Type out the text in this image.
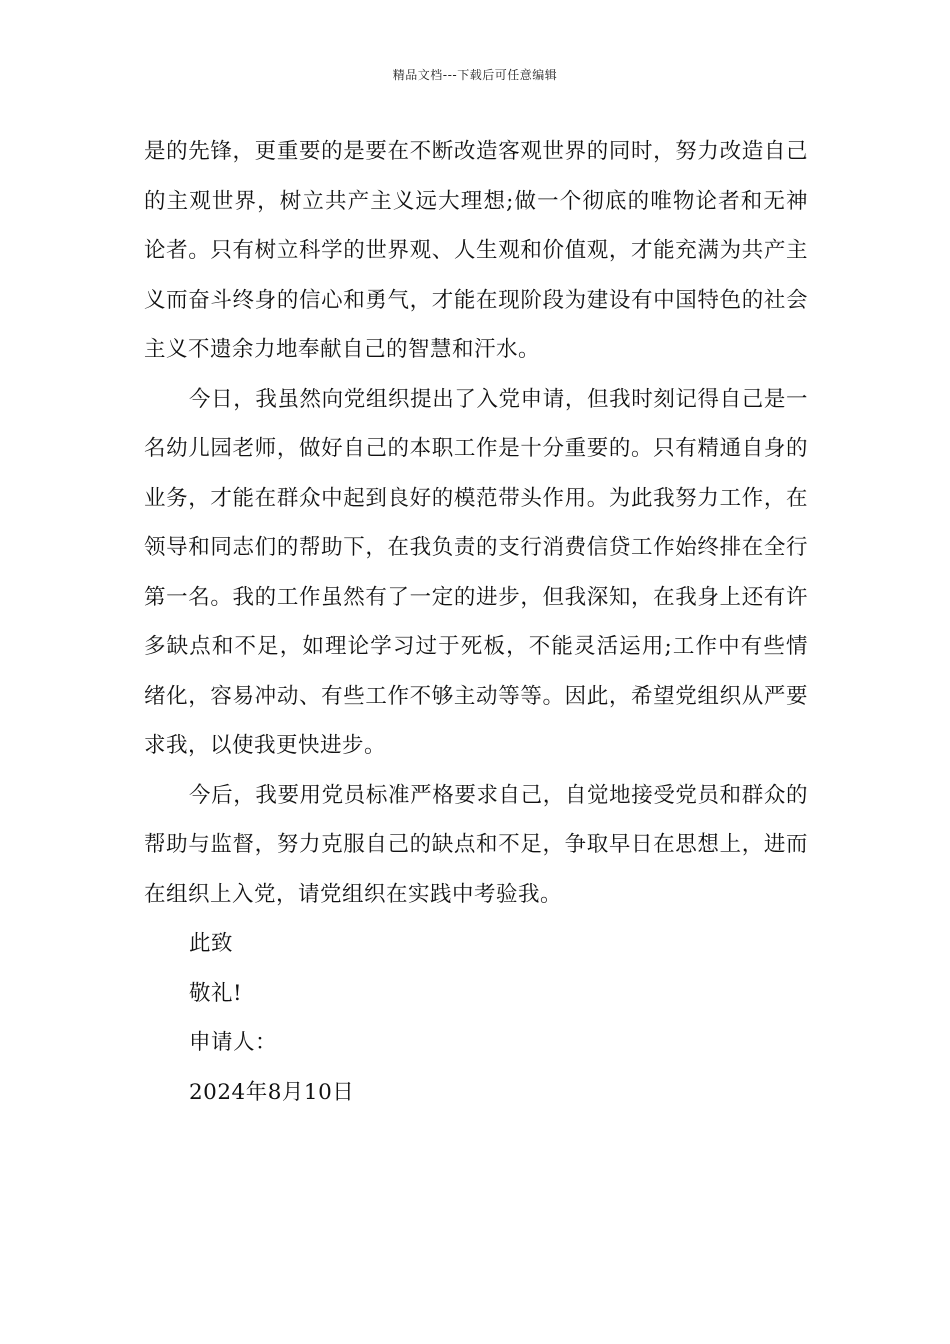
精品文档---下载后可任意编辑

是的先锋，更重要的是要在不断改造客观世界的同时，努力改造自己的主观世界，树立共产主义远大理想;做一个彻底的唯物论者和无神论者。只有树立科学的世界观、人生观和价值观，才能充满为共产主义而奋斗终身的信心和勇气，才能在现阶段为建设有中国特色的社会主义不遗余力地奉献自己的智慧和汗水。

今日，我虽然向党组织提出了入党申请，但我时刻记得自己是一名幼儿园老师，做好自己的本职工作是十分重要的。只有精通自身的业务，才能在群众中起到良好的模范带头作用。为此我努力工作，在领导和同志们的帮助下，在我负责的支行消费信贷工作始终排在全行第一名。我的工作虽然有了一定的进步，但我深知，在我身上还有许多缺点和不足，如理论学习过于死板，不能灵活运用;工作中有些情绪化，容易冲动、有些工作不够主动等等。因此，希望党组织从严要求我，以使我更快进步。

今后，我要用党员标准严格要求自己，自觉地接受党员和群众的帮助与监督，努力克服自己的缺点和不足，争取早日在思想上，进而在组织上入党，请党组织在实践中考验我。

此致

敬礼!

申请人：

2024年8月10日
